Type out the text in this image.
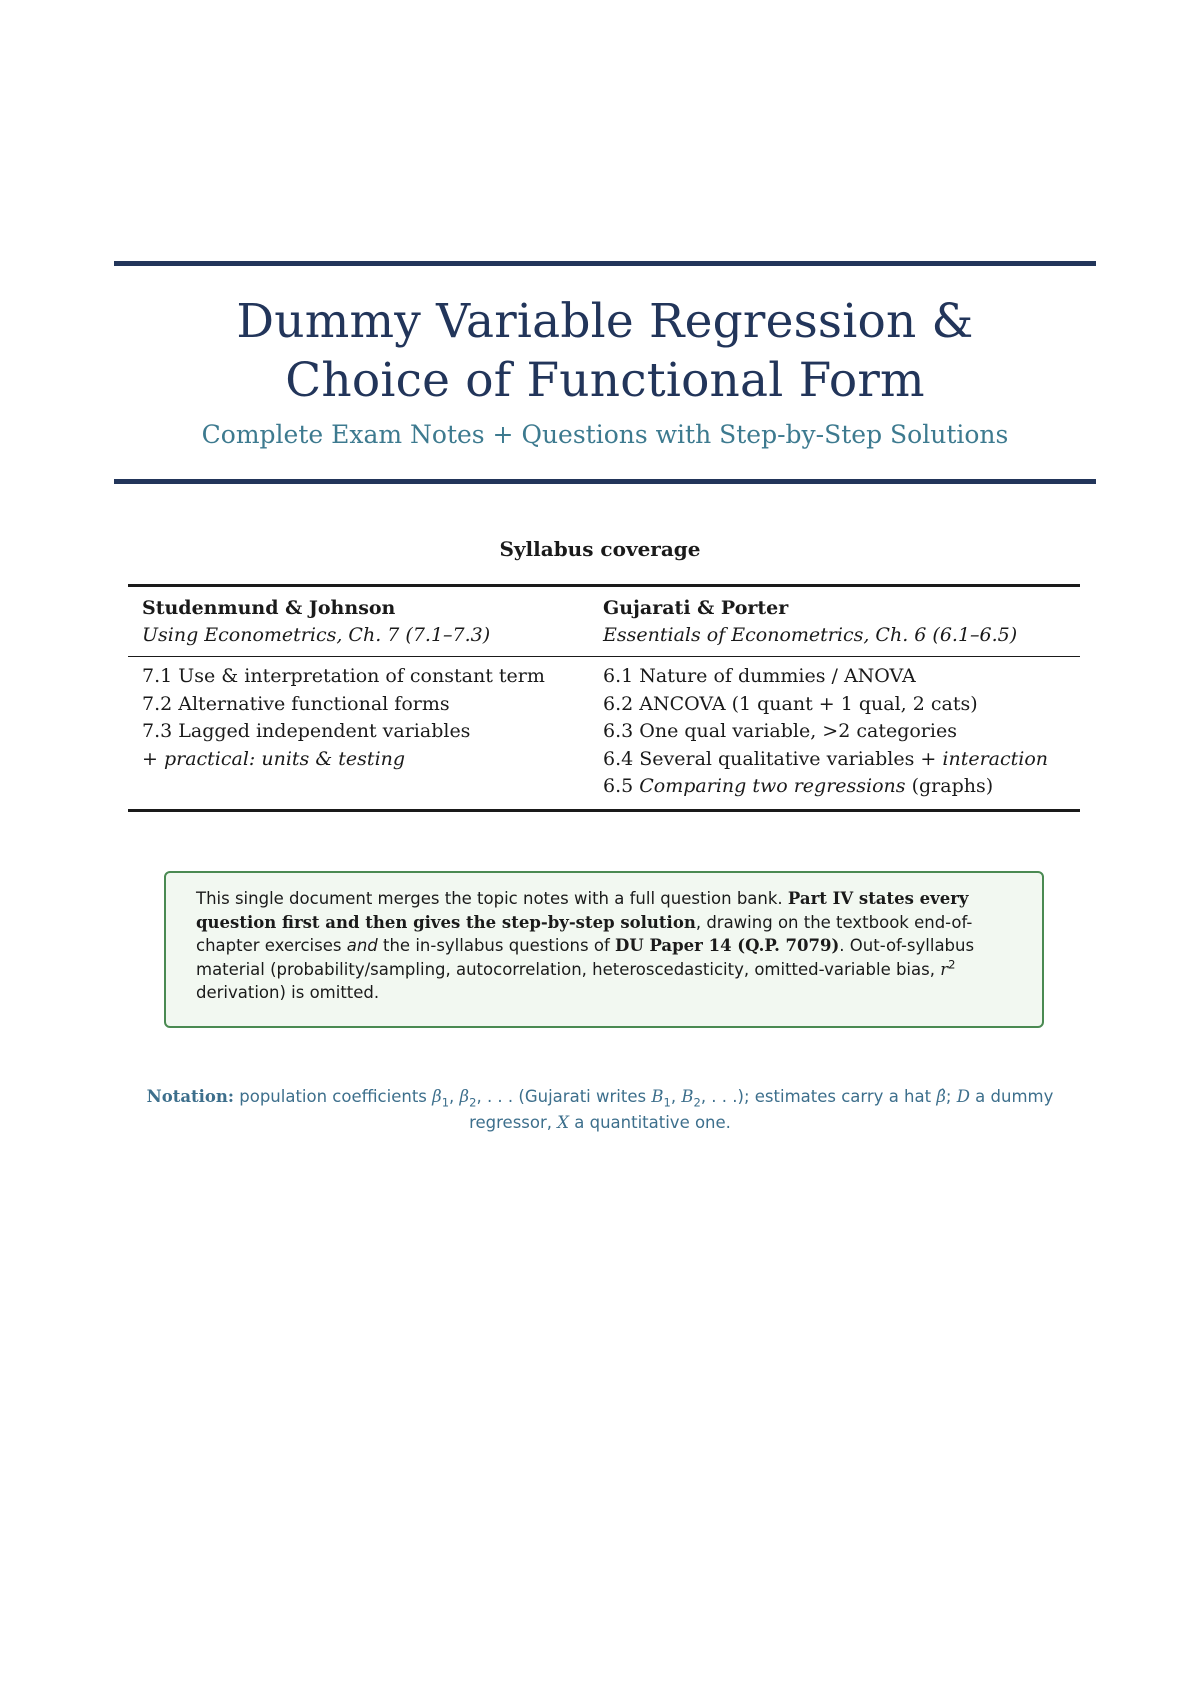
Dummy Variable Regression &
Choice of Functional Form
Complete Exam Notes + Questions with Step-by-Step Solutions
Syllabus coverage
Studenmund & Johnson
Using Econometrics, Ch. 7 (7.1–7.3)
Gujarati & Porter
Essentials of Econometrics, Ch. 6 (6.1–6.5)
7.1 Use & interpretation of constant term
7.2 Alternative functional forms
7.3 Lagged independent variables
+ practical: units & testing
6.1 Nature of dummies / ANOVA
6.2 ANCOVA (1 quant + 1 qual, 2 cats)
6.3 One qual variable, >2 categories
6.4 Several qualitative variables + interaction
6.5 Comparing two regressions (graphs)
This single document merges the topic notes with a full question bank. Part IV states every question first and then gives the step-by-step solution, drawing on the textbook end-of-chapter exercises and the in-syllabus questions of DU Paper 14 (Q.P. 7079). Out-of-syllabus material (probability/sampling, autocorrelation, heteroscedasticity, omitted-variable bias, $r^2$ derivation) is omitted.
Notation: population coefficients $\beta_1$, $\beta_2$, . . . (Gujarati writes $B_1$, $B_2$, . . .); estimates carry a hat β̂; D a dummy regressor, X a quantitative one.
